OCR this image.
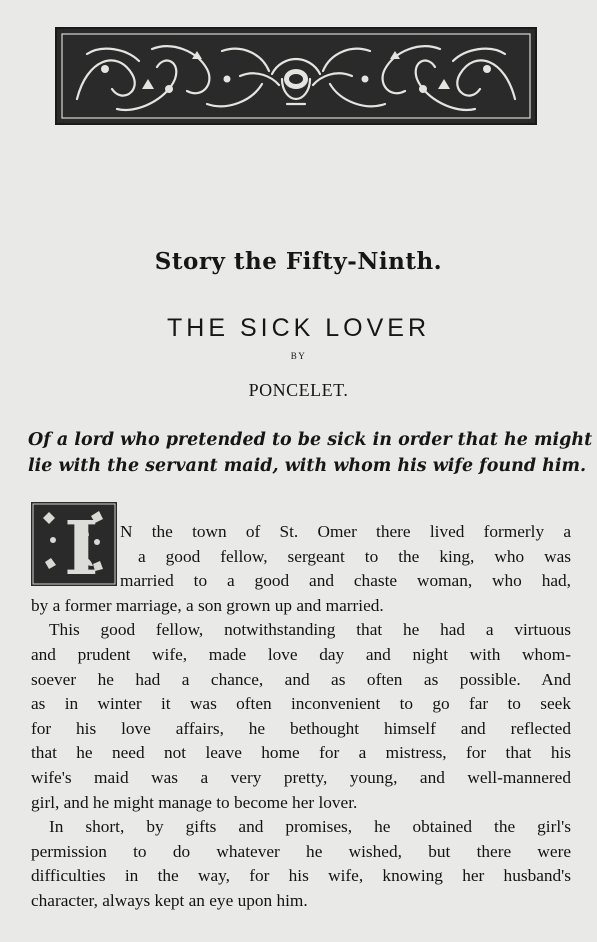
Story the Fifty-Ninth.
THE SICK LOVER
BY
PONCELET.
Of a lord who pretended to be sick in order that he might
lie with the servant maid, with whom his wife found him.
I N the town of St. Omer there lived formerly a
a good fellow, sergeant to the king, who was
married to a good and chaste woman, who had,
by a former marriage, a son grown up and married.
This good fellow, notwithstanding that he had a virtuous
and prudent wife, made love day and night with whom-
soever he had a chance, and as often as possible. And
as in winter it was often inconvenient to go far to seek
for his love affairs, he bethought himself and reflected
that he need not leave home for a mistress, for that his
wife's maid was a very pretty, young, and well-mannered
girl, and he might manage to become her lover.
In short, by gifts and promises, he obtained the girl's
permission to do whatever he wished, but there were
difficulties in the way, for his wife, knowing her husband's
character, always kept an eye upon him.
